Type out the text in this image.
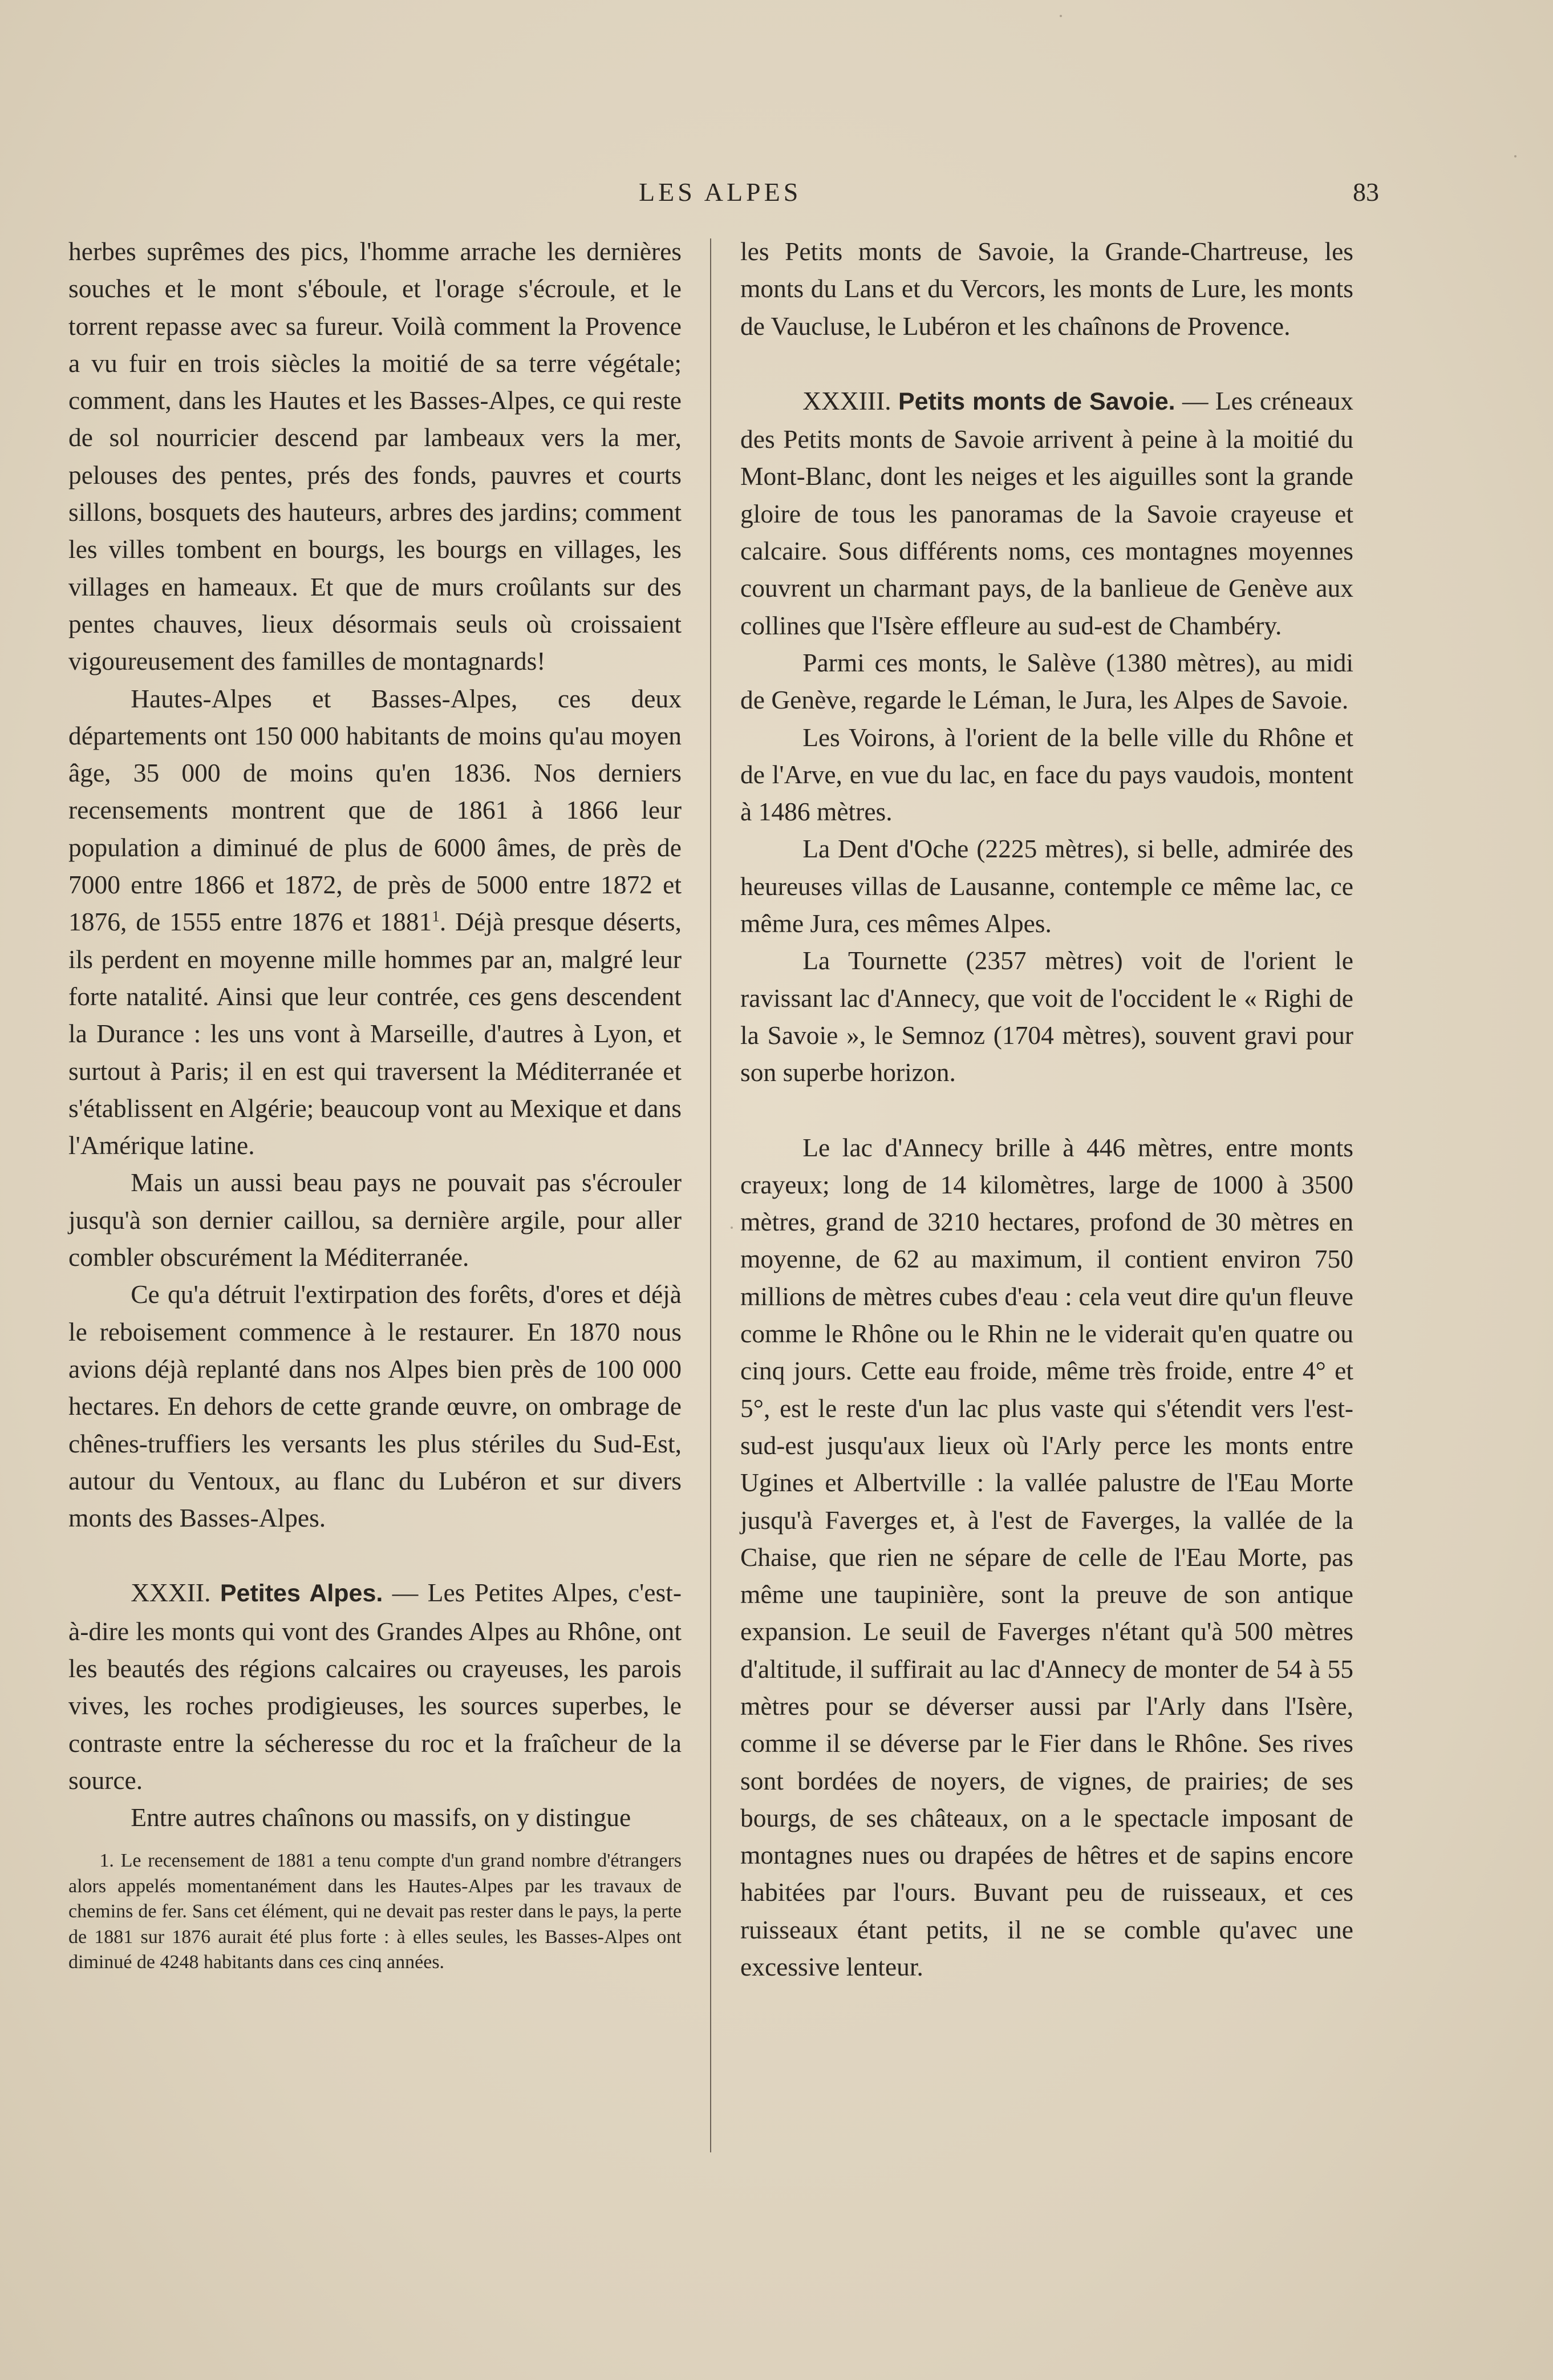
LES ALPES	83

herbes suprêmes des pics, l'homme arrache les dernières souches et le mont s'éboule, et l'orage s'écroule, et le torrent repasse avec sa fureur. Voilà comment la Provence a vu fuir en trois siècles la moitié de sa terre végétale; comment, dans les Hautes et les Basses-Alpes, ce qui reste de sol nourricier descend par lambeaux vers la mer, pelouses des pentes, prés des fonds, pauvres et courts sillons, bosquets des hauteurs, arbres des jardins; comment les villes tombent en bourgs, les bourgs en villages, les villages en hameaux. Et que de murs croûlants sur des pentes chauves, lieux désormais seuls où croissaient vigoureusement des familles de montagnards!

Hautes-Alpes et Basses-Alpes, ces deux départements ont 150 000 habitants de moins qu'au moyen âge, 35 000 de moins qu'en 1836. Nos derniers recensements montrent que de 1861 à 1866 leur population a diminué de plus de 6000 âmes, de près de 7000 entre 1866 et 1872, de près de 5000 entre 1872 et 1876, de 1555 entre 1876 et 1881$^1$. Déjà presque déserts, ils perdent en moyenne mille hommes par an, malgré leur forte natalité. Ainsi que leur contrée, ces gens descendent la Durance : les uns vont à Marseille, d'autres à Lyon, et surtout à Paris; il en est qui traversent la Méditerranée et s'établissent en Algérie; beaucoup vont au Mexique et dans l'Amérique latine.

Mais un aussi beau pays ne pouvait pas s'écrouler jusqu'à son dernier caillou, sa dernière argile, pour aller combler obscurément la Méditerranée.

Ce qu'a détruit l'extirpation des forêts, d'ores et déjà le reboisement commence à le restaurer. En 1870 nous avions déjà replanté dans nos Alpes bien près de 100 000 hectares. En dehors de cette grande œuvre, on ombrage de chênes-truffiers les versants les plus stériles du Sud-Est, autour du Ventoux, au flanc du Lubéron et sur divers monts des Basses-Alpes.

XXXII. Petites Alpes. — Les Petites Alpes, c'est-à-dire les monts qui vont des Grandes Alpes au Rhône, ont les beautés des régions calcaires ou crayeuses, les parois vives, les roches prodigieuses, les sources superbes, le contraste entre la sécheresse du roc et la fraîcheur de la source.

Entre autres chaînons ou massifs, on y distingue

1. Le recensement de 1881 a tenu compte d'un grand nombre d'étrangers alors appelés momentanément dans les Hautes-Alpes par les travaux de chemins de fer. Sans cet élément, qui ne devait pas rester dans le pays, la perte de 1881 sur 1876 aurait été plus forte : à elles seules, les Basses-Alpes ont diminué de 4248 habitants dans ces cinq années.

les Petits monts de Savoie, la Grande-Chartreuse, les monts du Lans et du Vercors, les monts de Lure, les monts de Vaucluse, le Lubéron et les chaînons de Provence.

XXXIII. Petits monts de Savoie. — Les créneaux des Petits monts de Savoie arrivent à peine à la moitié du Mont-Blanc, dont les neiges et les aiguilles sont la grande gloire de tous les panoramas de la Savoie crayeuse et calcaire. Sous différents noms, ces montagnes moyennes couvrent un charmant pays, de la banlieue de Genève aux collines que l'Isère effleure au sud-est de Chambéry.

Parmi ces monts, le Salève (1380 mètres), au midi de Genève, regarde le Léman, le Jura, les Alpes de Savoie.

Les Voirons, à l'orient de la belle ville du Rhône et de l'Arve, en vue du lac, en face du pays vaudois, montent à 1486 mètres.

La Dent d'Oche (2225 mètres), si belle, admirée des heureuses villas de Lausanne, contemple ce même lac, ce même Jura, ces mêmes Alpes.

La Tournette (2357 mètres) voit de l'orient le ravissant lac d'Annecy, que voit de l'occident le « Righi de la Savoie », le Semnoz (1704 mètres), souvent gravi pour son superbe horizon.

Le lac d'Annecy brille à 446 mètres, entre monts crayeux; long de 14 kilomètres, large de 1000 à 3500 mètres, grand de 3210 hectares, profond de 30 mètres en moyenne, de 62 au maximum, il contient environ 750 millions de mètres cubes d'eau : cela veut dire qu'un fleuve comme le Rhône ou le Rhin ne le viderait qu'en quatre ou cinq jours. Cette eau froide, même très froide, entre 4° et 5°, est le reste d'un lac plus vaste qui s'étendit vers l'est-sud-est jusqu'aux lieux où l'Arly perce les monts entre Ugines et Albertville : la vallée palustre de l'Eau Morte jusqu'à Faverges et, à l'est de Faverges, la vallée de la Chaise, que rien ne sépare de celle de l'Eau Morte, pas même une taupinière, sont la preuve de son antique expansion. Le seuil de Faverges n'étant qu'à 500 mètres d'altitude, il suffirait au lac d'Annecy de monter de 54 à 55 mètres pour se déverser aussi par l'Arly dans l'Isère, comme il se déverse par le Fier dans le Rhône. Ses rives sont bordées de noyers, de vignes, de prairies; de ses bourgs, de ses châteaux, on a le spectacle imposant de montagnes nues ou drapées de hêtres et de sapins encore habitées par l'ours. Buvant peu de ruisseaux, et ces ruisseaux étant petits, il ne se comble qu'avec une excessive lenteur.
